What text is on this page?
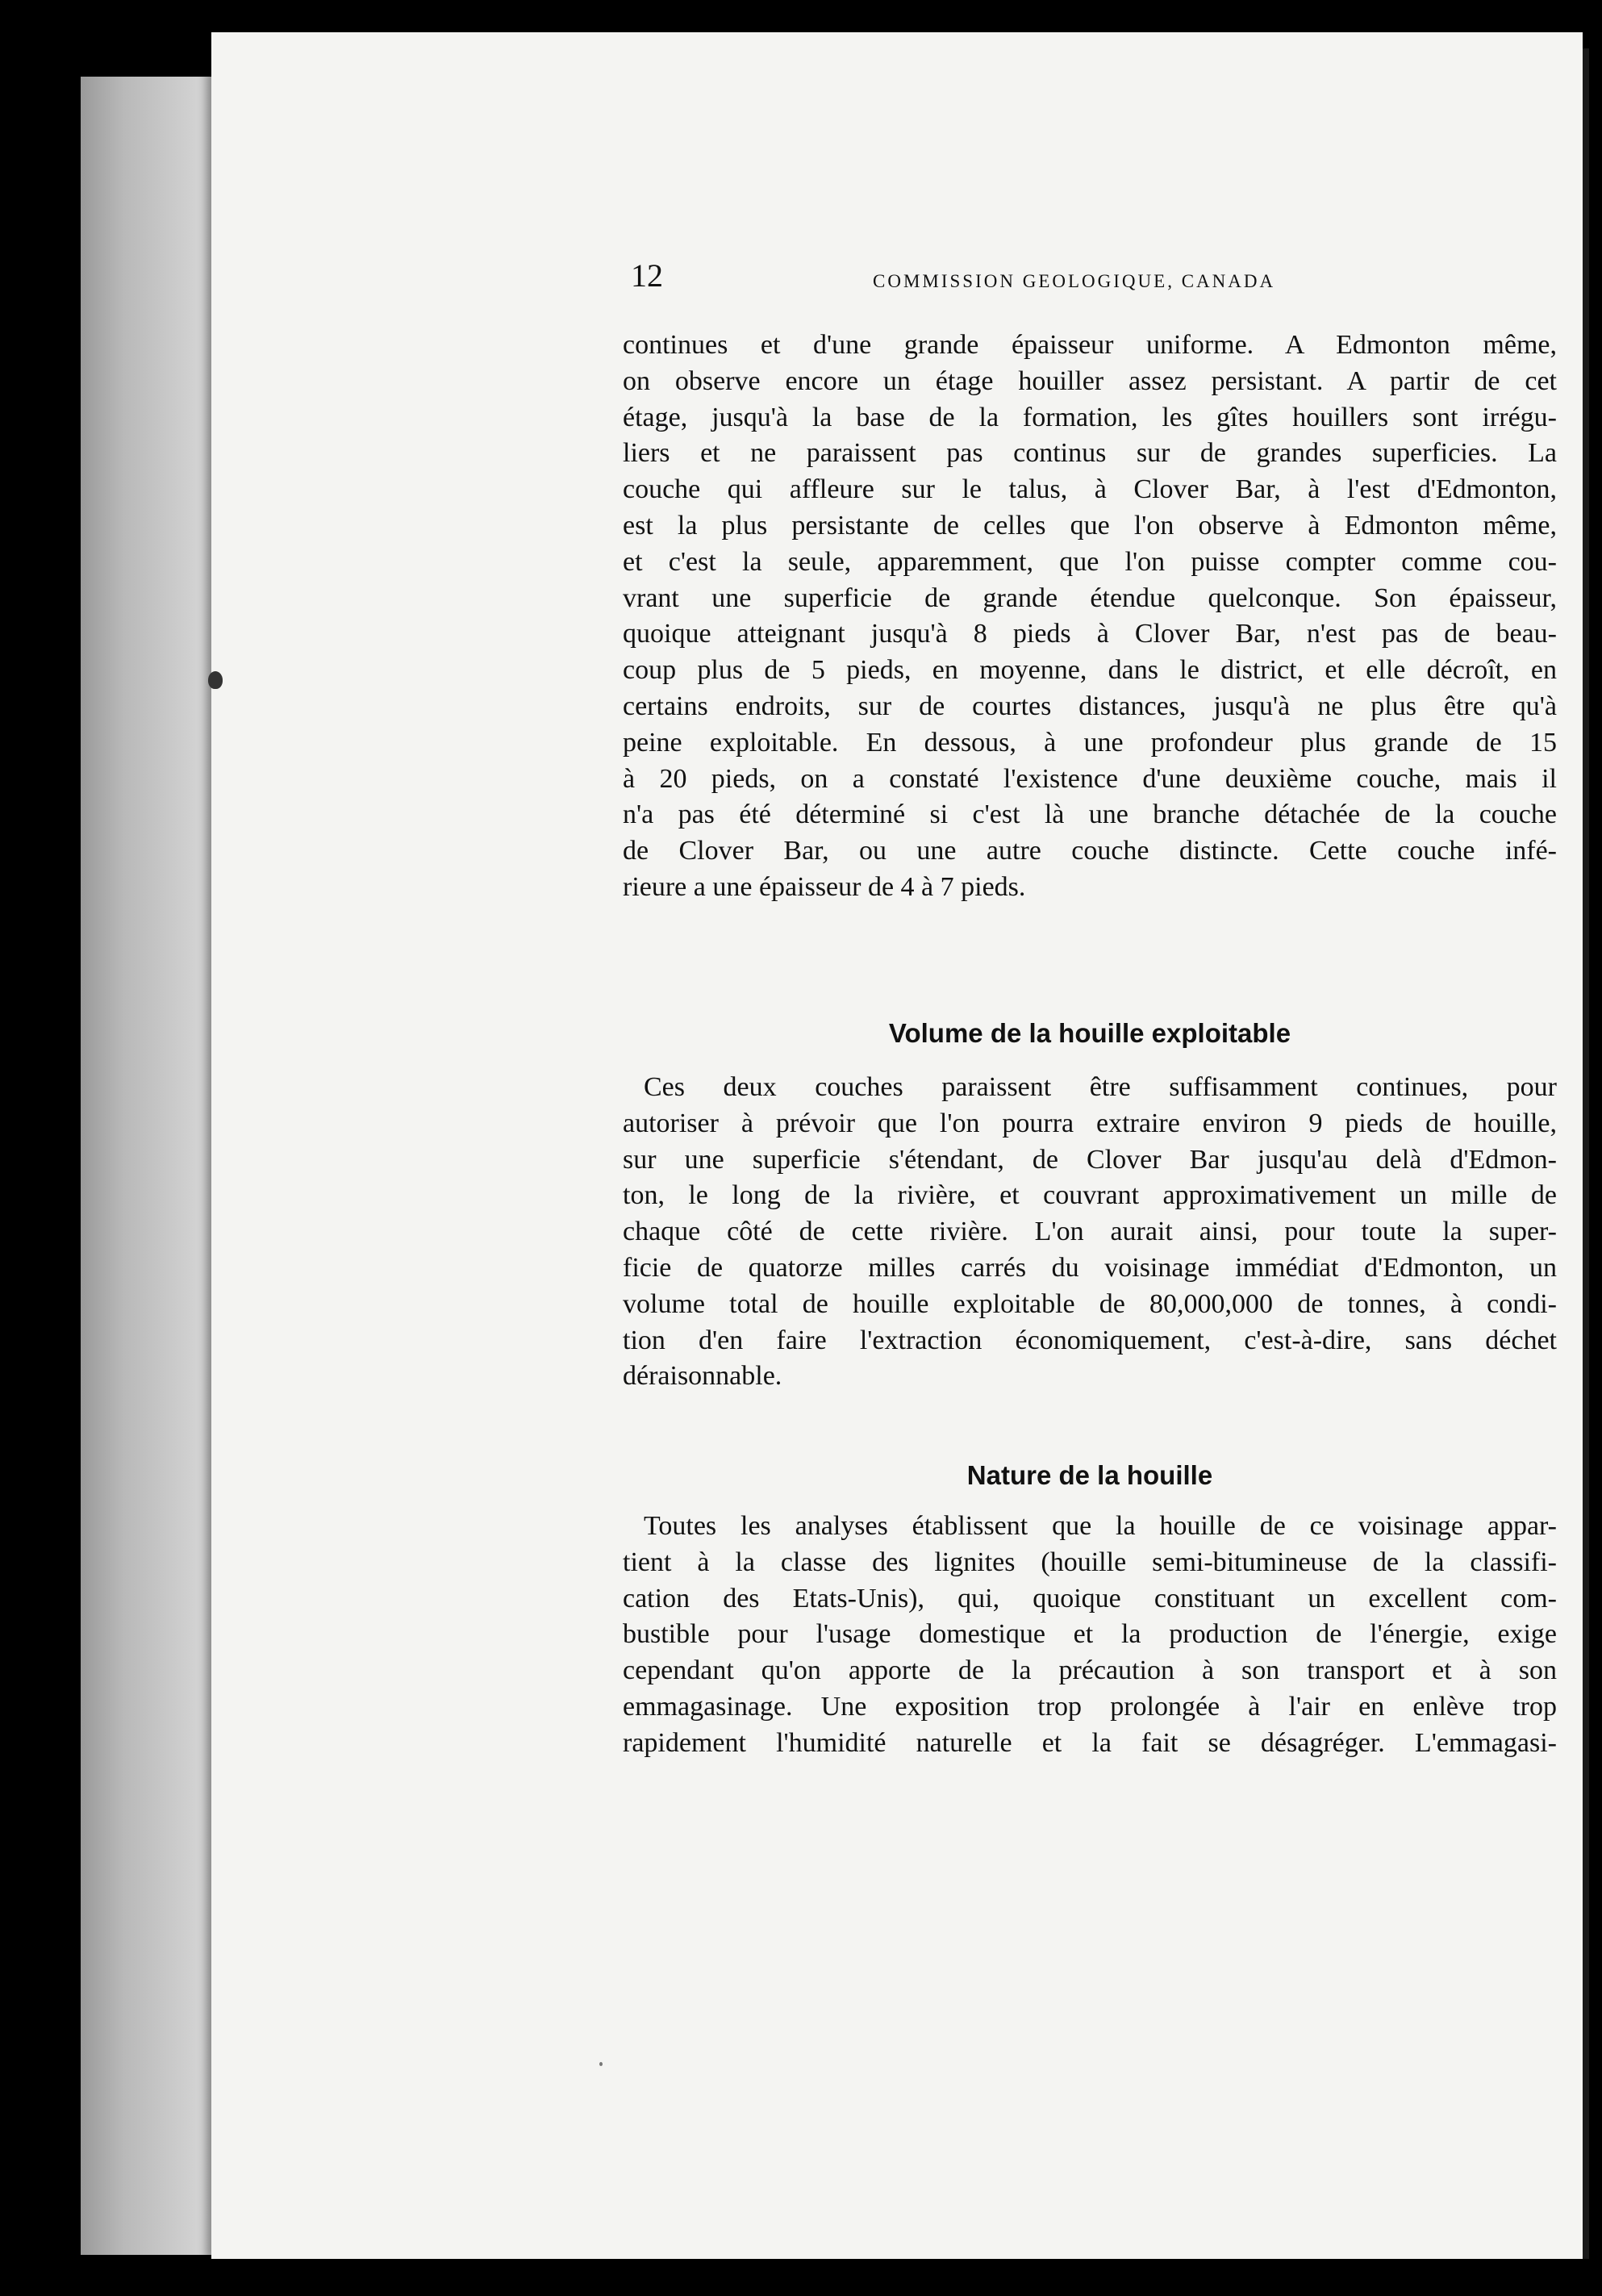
12	COMMISSION GEOLOGIQUE, CANADA
continues et d'une grande épaisseur uniforme. A Edmonton même,
on observe encore un étage houiller assez persistant. A partir de cet
étage, jusqu'à la base de la formation, les gîtes houillers sont irrégu-
liers et ne paraissent pas continus sur de grandes superficies. La
couche qui affleure sur le talus, à Clover Bar, à l'est d'Edmonton,
est la plus persistante de celles que l'on observe à Edmonton même,
et c'est la seule, apparemment, que l'on puisse compter comme cou-
vrant une superficie de grande étendue quelconque. Son épaisseur,
quoique atteignant jusqu'à 8 pieds à Clover Bar, n'est pas de beau-
coup plus de 5 pieds, en moyenne, dans le district, et elle décroît, en
certains endroits, sur de courtes distances, jusqu'à ne plus être qu'à
peine exploitable. En dessous, à une profondeur plus grande de 15
à 20 pieds, on a constaté l'existence d'une deuxième couche, mais il
n'a pas été déterminé si c'est là une branche détachée de la couche
de Clover Bar, ou une autre couche distincte. Cette couche infé-
rieure a une épaisseur de 4 à 7 pieds.
Volume de la houille exploitable
Ces deux couches paraissent être suffisamment continues, pour
autoriser à prévoir que l'on pourra extraire environ 9 pieds de houille,
sur une superficie s'étendant, de Clover Bar jusqu'au delà d'Edmon-
ton, le long de la rivière, et couvrant approximativement un mille de
chaque côté de cette rivière. L'on aurait ainsi, pour toute la super-
ficie de quatorze milles carrés du voisinage immédiat d'Edmonton, un
volume total de houille exploitable de 80,000,000 de tonnes, à condi-
tion d'en faire l'extraction économiquement, c'est-à-dire, sans déchet
déraisonnable.
Nature de la houille
Toutes les analyses établissent que la houille de ce voisinage appar-
tient à la classe des lignites (houille semi-bitumineuse de la classifi-
cation des Etats-Unis), qui, quoique constituant un excellent com-
bustible pour l'usage domestique et la production de l'énergie, exige
cependant qu'on apporte de la précaution à son transport et à son
emmagasinage. Une exposition trop prolongée à l'air en enlève trop
rapidement l'humidité naturelle et la fait se désagréger. L'emmagasi-
